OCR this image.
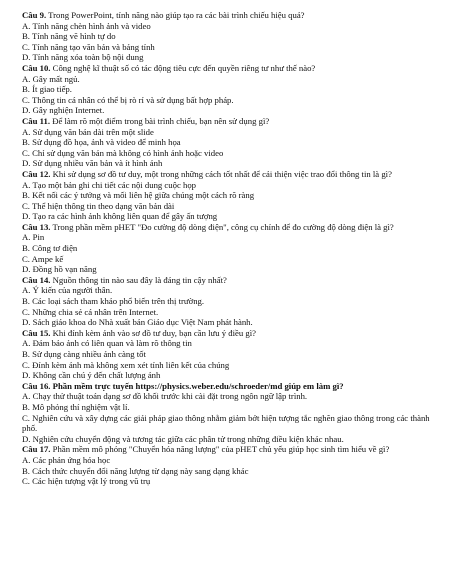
Câu 9. Trong PowerPoint, tính năng nào giúp tạo ra các bài trình chiếu hiệu quả?

A. Tính năng chèn hình ảnh và video

B. Tính năng vẽ hình tự do

C. Tính năng tạo văn bản và bảng tính

D. Tính năng xóa toàn bộ nội dung

Câu 10. Công nghệ kĩ thuật số có tác động tiêu cực đến quyền riêng tư như thế nào?

A. Gây mất ngủ.

B. Ít giao tiếp.

C. Thông tin cá nhân có thể bị rò rỉ và sử dụng bất hợp pháp.

D. Gây nghiện Internet.

Câu 11. Để làm rõ một điểm trong bài trình chiếu, bạn nên sử dụng gì?

A. Sử dụng văn bản dài trên một slide

B. Sử dụng đồ họa, ảnh và video để minh họa

C. Chỉ sử dụng văn bản mà không có hình ảnh hoặc video

D. Sử dụng nhiều văn bản và ít hình ảnh

Câu 12. Khi sử dụng sơ đồ tư duy, một trong những cách tốt nhất để cải thiện việc trao đổi thông tin là gì?

A. Tạo một bản ghi chi tiết các nội dung cuộc họp

B. Kết nối các ý tưởng và mối liên hệ giữa chúng một cách rõ ràng

C. Thể hiện thông tin theo dạng văn bản dài

D. Tạo ra các hình ảnh không liên quan để gây ấn tượng

Câu 13. Trong phần mềm pHET "Đo cường độ dòng điện", công cụ chính để đo cường độ dòng điện là gì?

A. Pin

B. Công tơ điện

C. Ampe kế

D. Đồng hồ vạn năng

Câu 14. Nguồn thông tin nào sau đây là đáng tin cậy nhất?

A. Ý kiến của người thân.

B. Các loại sách tham khảo phổ biến trên thị trường.

C. Những chia sẻ cá nhân trên Internet.

D. Sách giáo khoa do Nhà xuất bản Giáo dục Việt Nam phát hành.

Câu 15. Khi đính kèm ảnh vào sơ đồ tư duy, bạn cần lưu ý điều gì?

A. Đảm bảo ảnh có liên quan và làm rõ thông tin

B. Sử dụng càng nhiều ảnh càng tốt

C. Đính kèm ảnh mà không xem xét tính liên kết của chúng

D. Không cần chú ý đến chất lượng ảnh

Câu 16. Phần mềm trực tuyến https://physics.weber.edu/schroeder/md giúp em làm gì?

A. Chạy thử thuật toán dạng sơ đồ khối trước khi cài đặt trong ngôn ngữ lập trình.

B. Mô phỏng thí nghiệm vật lí.

C. Nghiên cứu và xây dựng các giải pháp giao thông nhằm giảm bớt hiện tượng tắc nghẽn giao thông trong các thành phố.

D. Nghiên cứu chuyển động và tương tác giữa các phân tử trong những điều kiện khác nhau.

Câu 17. Phần mềm mô phỏng "Chuyển hóa năng lượng" của pHET chủ yếu giúp học sinh tìm hiểu về gì?

A. Các phản ứng hóa học

B. Cách thức chuyển đổi năng lượng từ dạng này sang dạng khác

C. Các hiện tượng vật lý trong vũ trụ
